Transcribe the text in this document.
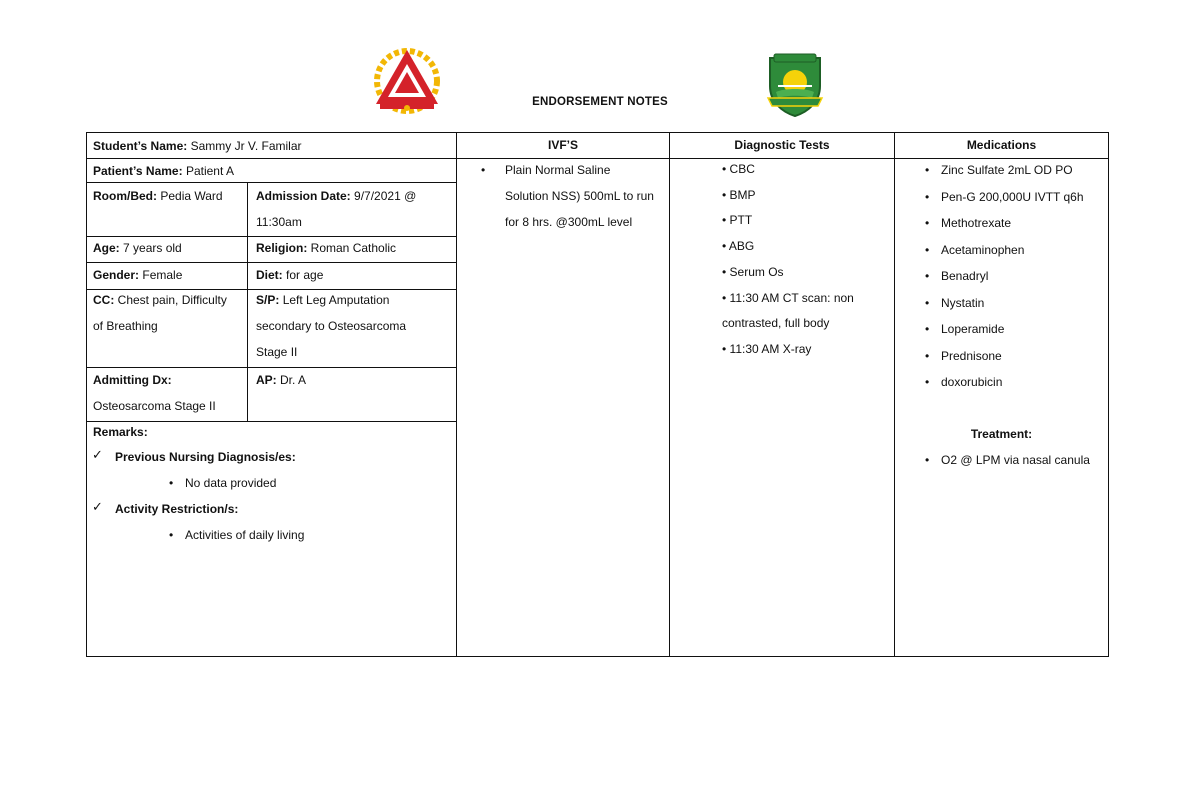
ENDORSEMENT NOTES
Student’s Name: Sammy Jr V. Familar
Patient’s Name: Patient A
Room/Bed: Pedia Ward	Admission Date: 9/7/2021 @
11:30am
Age: 7 years old	Religion: Roman Catholic
Gender: Female	Diet: for age
CC: Chest pain, Difficulty
of Breathing
S/P: Left Leg Amputation
secondary to Osteosarcoma
Stage II
Admitting Dx:
Osteosarcoma Stage II
AP: Dr. A
Remarks:
✓ Previous Nursing Diagnosis/es:
• No data provided
✓ Activity Restriction/s:
• Activities of daily living
IVF’S
• Plain Normal Saline
Solution NSS) 500mL to run
for 8 hrs. @300mL level
Diagnostic Tests
• CBC
• BMP
• PTT
• ABG
• Serum Os
• 11:30 AM CT scan: non
contrasted, full body
• 11:30 AM X-ray
Medications
• Zinc Sulfate 2mL OD PO
• Pen-G 200,000U IVTT q6h
• Methotrexate
• Acetaminophen
• Benadryl
• Nystatin
• Loperamide
• Prednisone
• doxorubicin
Treatment:
• O2 @ LPM via nasal canula
